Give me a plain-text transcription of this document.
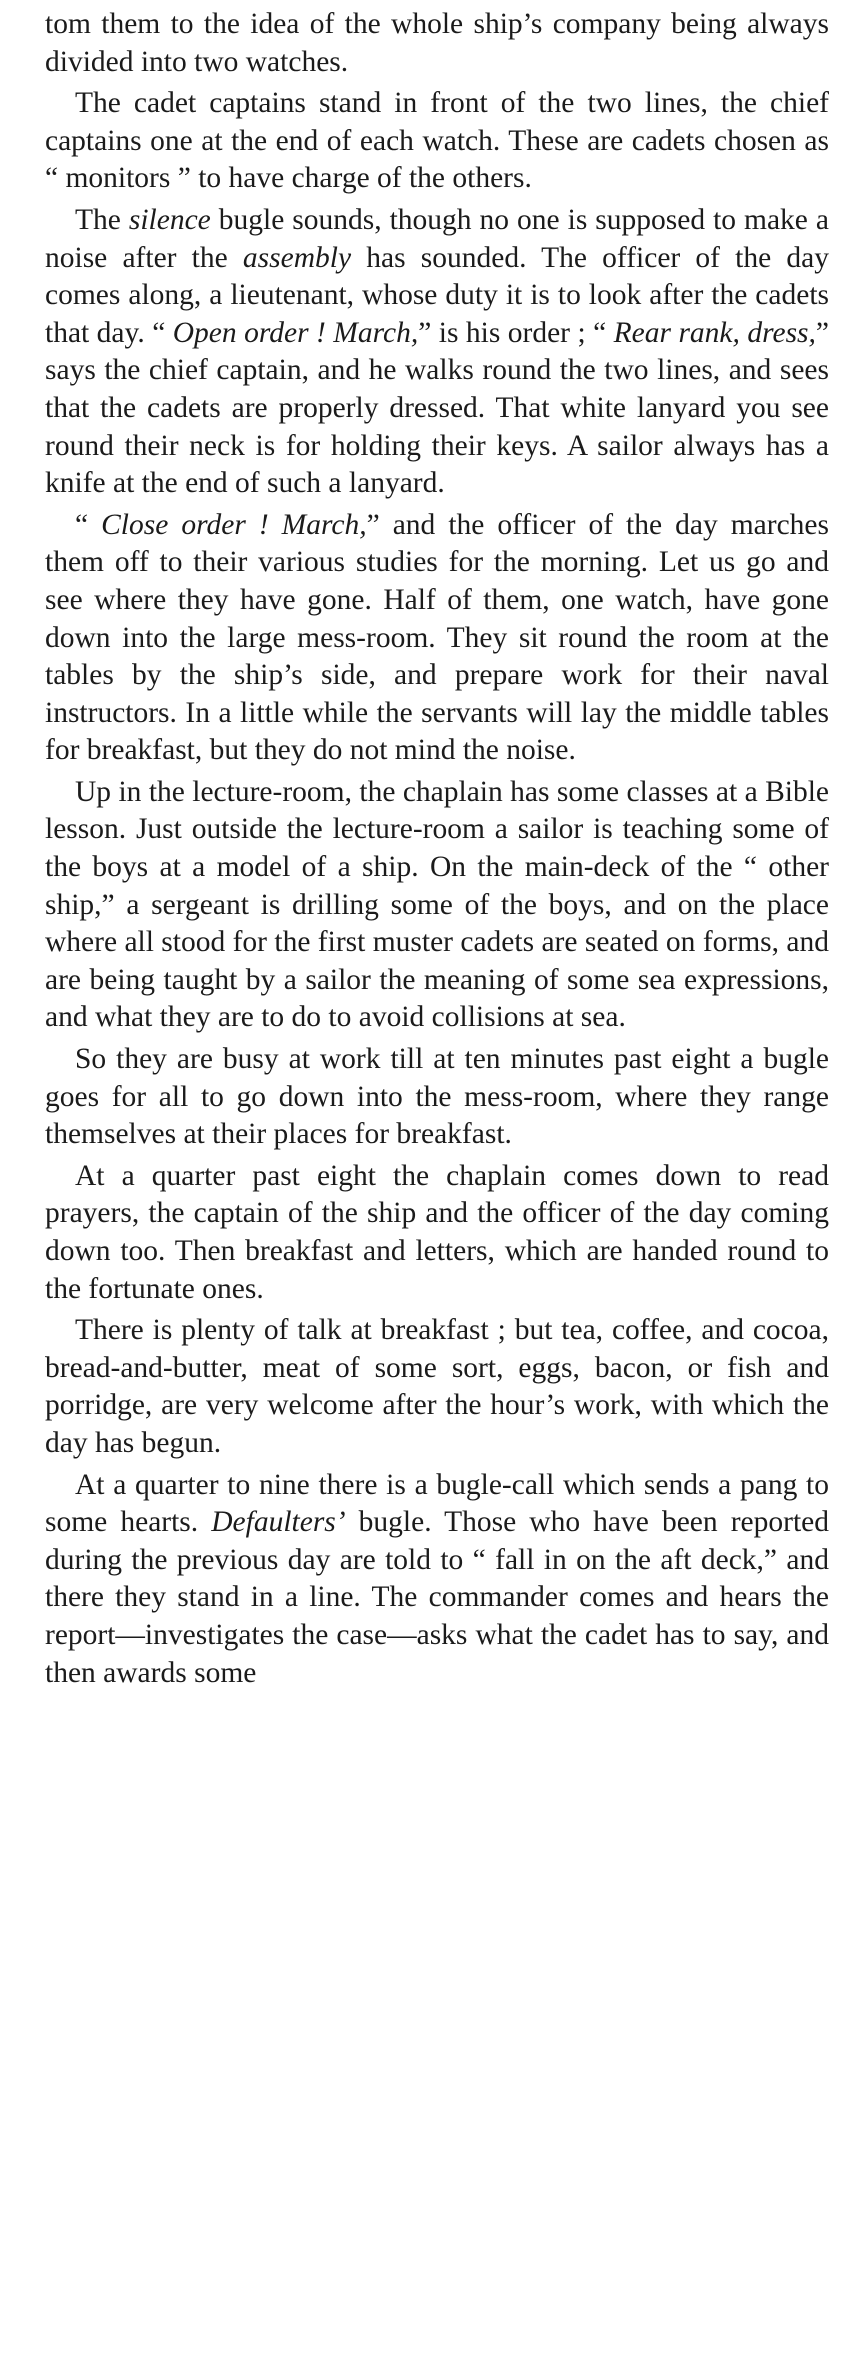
tom them to the idea of the whole ship’s company being always divided into two watches.

The cadet captains stand in front of the two lines, the chief captains one at the end of each watch. These are cadets chosen as “ monitors ” to have charge of the others.

The silence bugle sounds, though no one is supposed to make a noise after the assembly has sounded. The officer of the day comes along, a lieutenant, whose duty it is to look after the cadets that day. “ Open order ! March,” is his order ; “ Rear rank, dress,” says the chief captain, and he walks round the two lines, and sees that the cadets are properly dressed. That white lanyard you see round their neck is for holding their keys. A sailor always has a knife at the end of such a lanyard.

“ Close order ! March,” and the officer of the day marches them off to their various studies for the morning. Let us go and see where they have gone. Half of them, one watch, have gone down into the large mess-room. They sit round the room at the tables by the ship’s side, and prepare work for their naval instructors. In a little while the servants will lay the middle tables for breakfast, but they do not mind the noise.

Up in the lecture-room, the chaplain has some classes at a Bible lesson. Just outside the lecture-room a sailor is teaching some of the boys at a model of a ship. On the main-deck of the “ other ship,” a sergeant is drilling some of the boys, and on the place where all stood for the first muster cadets are seated on forms, and are being taught by a sailor the meaning of some sea expressions, and what they are to do to avoid collisions at sea.

So they are busy at work till at ten minutes past eight a bugle goes for all to go down into the mess-room, where they range themselves at their places for breakfast.

At a quarter past eight the chaplain comes down to read prayers, the captain of the ship and the officer of the day coming down too. Then breakfast and letters, which are handed round to the fortunate ones.

There is plenty of talk at breakfast ; but tea, coffee, and cocoa, bread-and-butter, meat of some sort, eggs, bacon, or fish and porridge, are very welcome after the hour’s work, with which the day has begun.

At a quarter to nine there is a bugle-call which sends a pang to some hearts. Defaulters’ bugle. Those who have been reported during the previous day are told to “ fall in on the aft deck,” and there they stand in a line. The commander comes and hears the report—investigates the case—asks what the cadet has to say, and then awards some
